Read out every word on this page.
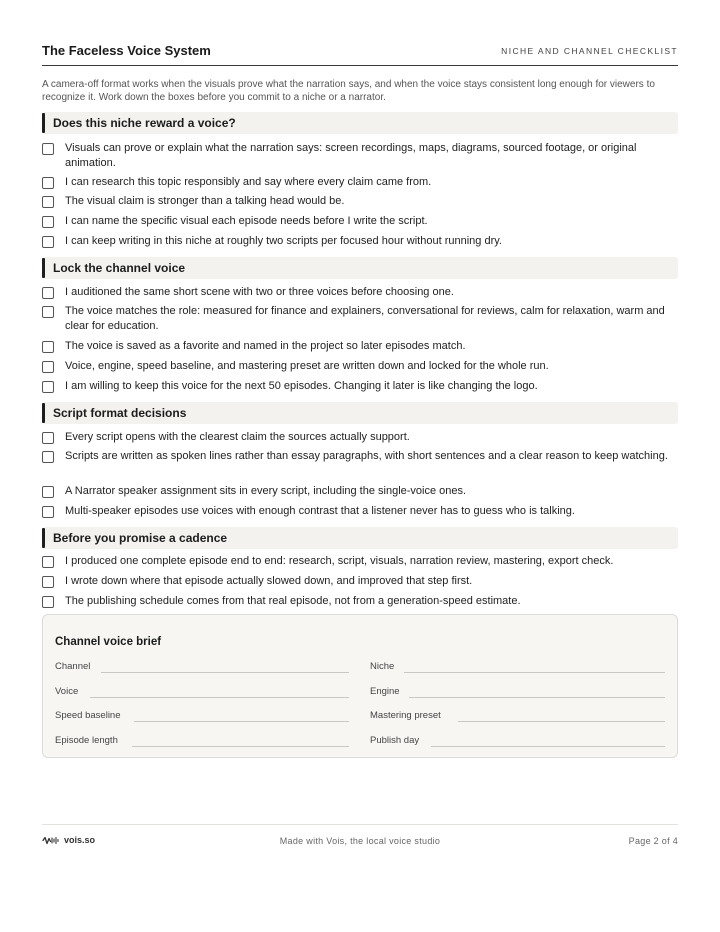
The Faceless Voice System	NICHE AND CHANNEL CHECKLIST
A camera-off format works when the visuals prove what the narration says, and when the voice stays consistent long enough for viewers to recognize it. Work down the boxes before you commit to a niche or a narrator.
Does this niche reward a voice?
Visuals can prove or explain what the narration says: screen recordings, maps, diagrams, sourced footage, or original animation.
I can research this topic responsibly and say where every claim came from.
The visual claim is stronger than a talking head would be.
I can name the specific visual each episode needs before I write the script.
I can keep writing in this niche at roughly two scripts per focused hour without running dry.
Lock the channel voice
I auditioned the same short scene with two or three voices before choosing one.
The voice matches the role: measured for finance and explainers, conversational for reviews, calm for relaxation, warm and clear for education.
The voice is saved as a favorite and named in the project so later episodes match.
Voice, engine, speed baseline, and mastering preset are written down and locked for the whole run.
I am willing to keep this voice for the next 50 episodes. Changing it later is like changing the logo.
Script format decisions
Every script opens with the clearest claim the sources actually support.
Scripts are written as spoken lines rather than essay paragraphs, with short sentences and a clear reason to keep watching.
A Narrator speaker assignment sits in every script, including the single-voice ones.
Multi-speaker episodes use voices with enough contrast that a listener never has to guess who is talking.
Before you promise a cadence
I produced one complete episode end to end: research, script, visuals, narration review, mastering, export check.
I wrote down where that episode actually slowed down, and improved that step first.
The publishing schedule comes from that real episode, not from a generation-speed estimate.
Channel voice brief
Channel	Niche
Voice	Engine
Speed baseline	Mastering preset
Episode length	Publish day
vois.so	Made with Vois, the local voice studio	Page 2 of 4
